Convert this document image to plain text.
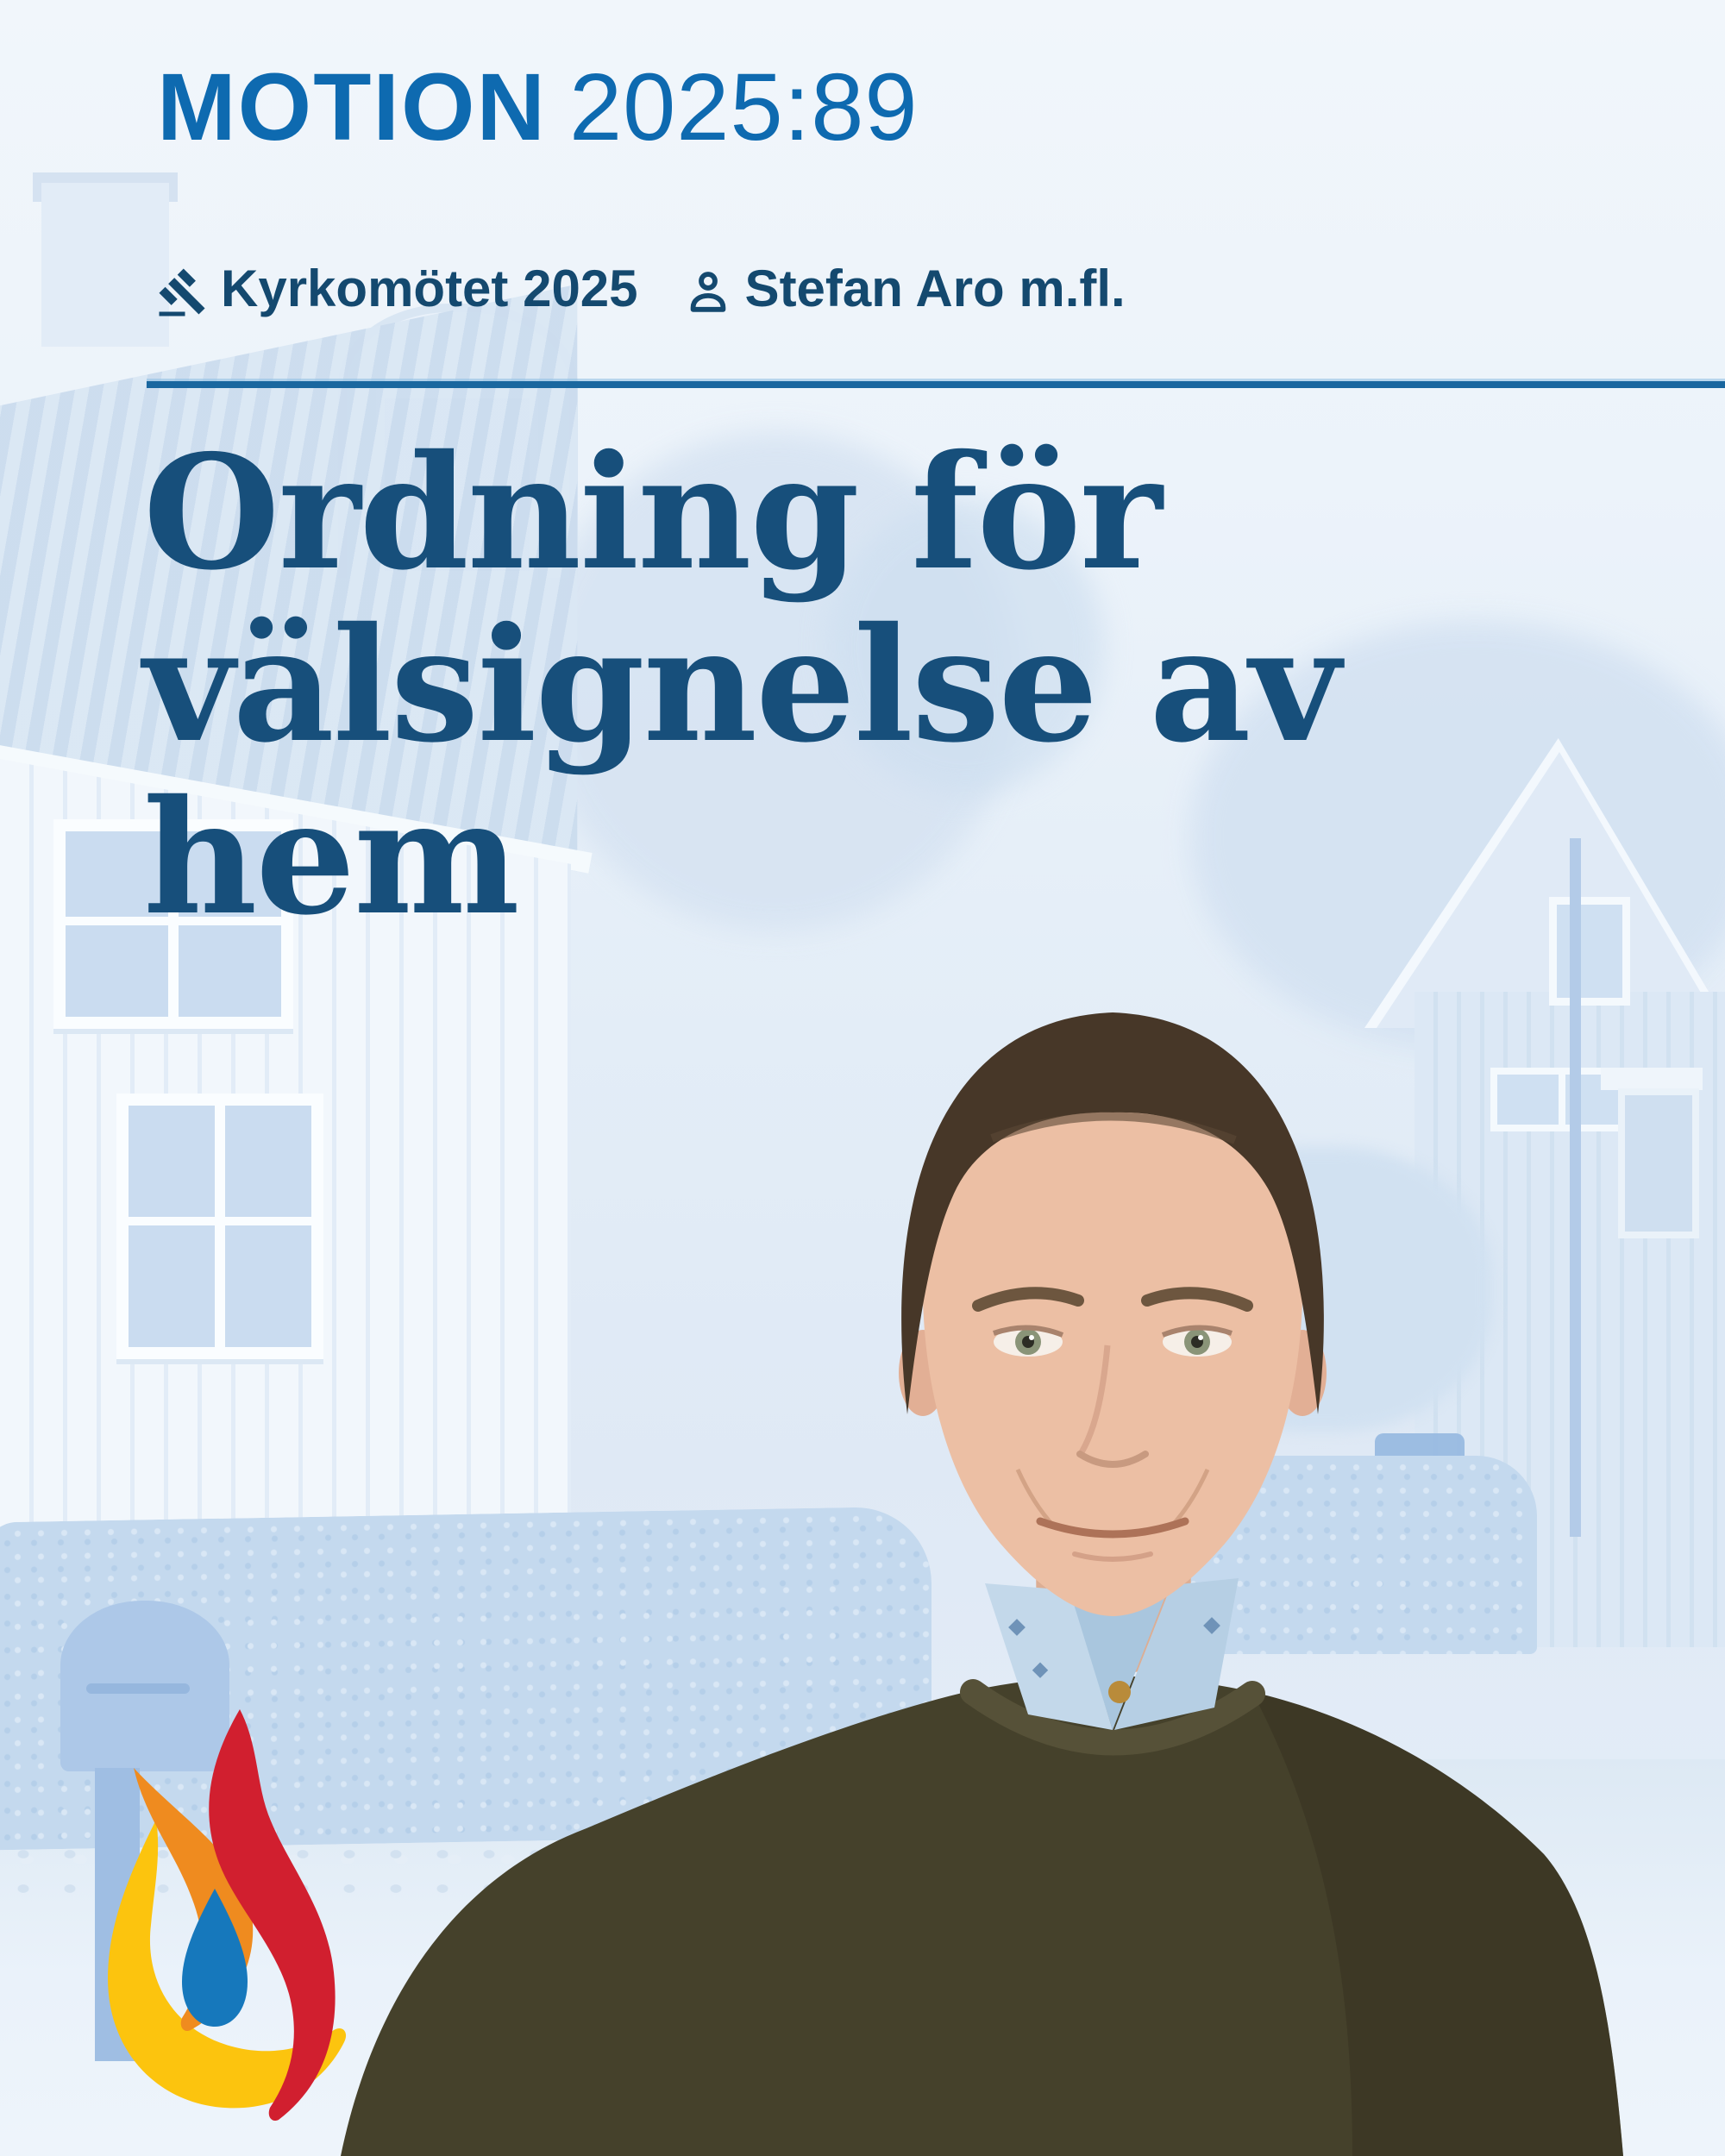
MOTION 2025:89
Kyrkomötet 2025 Stefan Aro m.fl.
Ordning för
välsignelse av hem
